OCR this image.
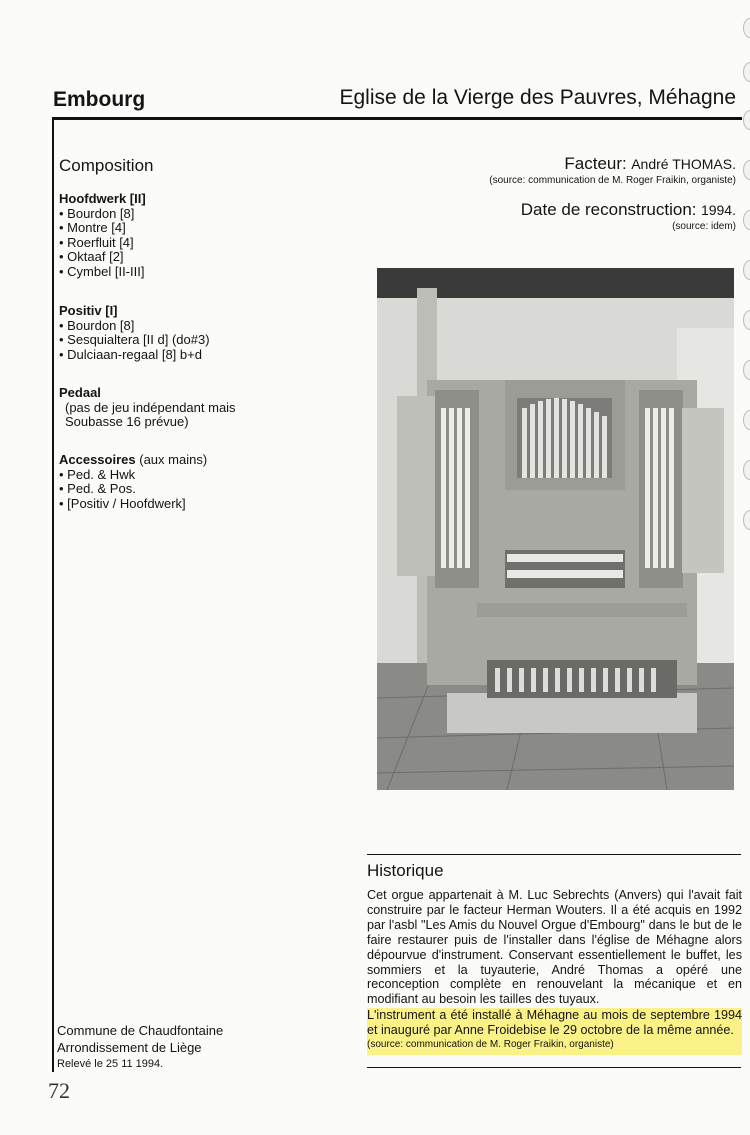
Embourg	Eglise de la Vierge des Pauvres, Méhagne
Composition
Hoofdwerk [II]
• Bourdon [8]
• Montre [4]
• Roerfluit [4]
• Oktaaf [2]
• Cymbel [II-III]
Positiv [I]
• Bourdon [8]
• Sesquialtera [II d] (do#3)
• Dulciaan-regaal [8] b+d
Pedaal
(pas de jeu indépendant mais Soubasse 16 prévue)
Accessoires (aux mains)
• Ped. & Hwk
• Ped. & Pos.
• [Positiv / Hoofdwerk]
Facteur: André THOMAS.
(source: communication de M. Roger Fraikin, organiste)
Date de reconstruction: 1994.
(source: idem)
Historique

Cet orgue appartenait à M. Luc Sebrechts (Anvers) qui l'avait fait construire par le facteur Herman Wouters. Il a été acquis en 1992 par l'asbl "Les Amis du Nouvel Orgue d'Embourg" dans le but de le faire restaurer puis de l'installer dans l'église de Méhagne alors dépourvue d'instrument. Conservant essentiellement le buffet, les sommiers et la tuyauterie, André Thomas a opéré une reconception complète en renouvelant la mécanique et en modifiant au besoin les tailles des tuyaux.

L'instrument a été installé à Méhagne au mois de septembre 1994 et inauguré par Anne Froidebise le 29 octobre de la même année.

(source: communication de M. Roger Fraikin, organiste)
Commune de Chaudfontaine
Arrondissement de Liège
Relevé le 25 11 1994.
72
